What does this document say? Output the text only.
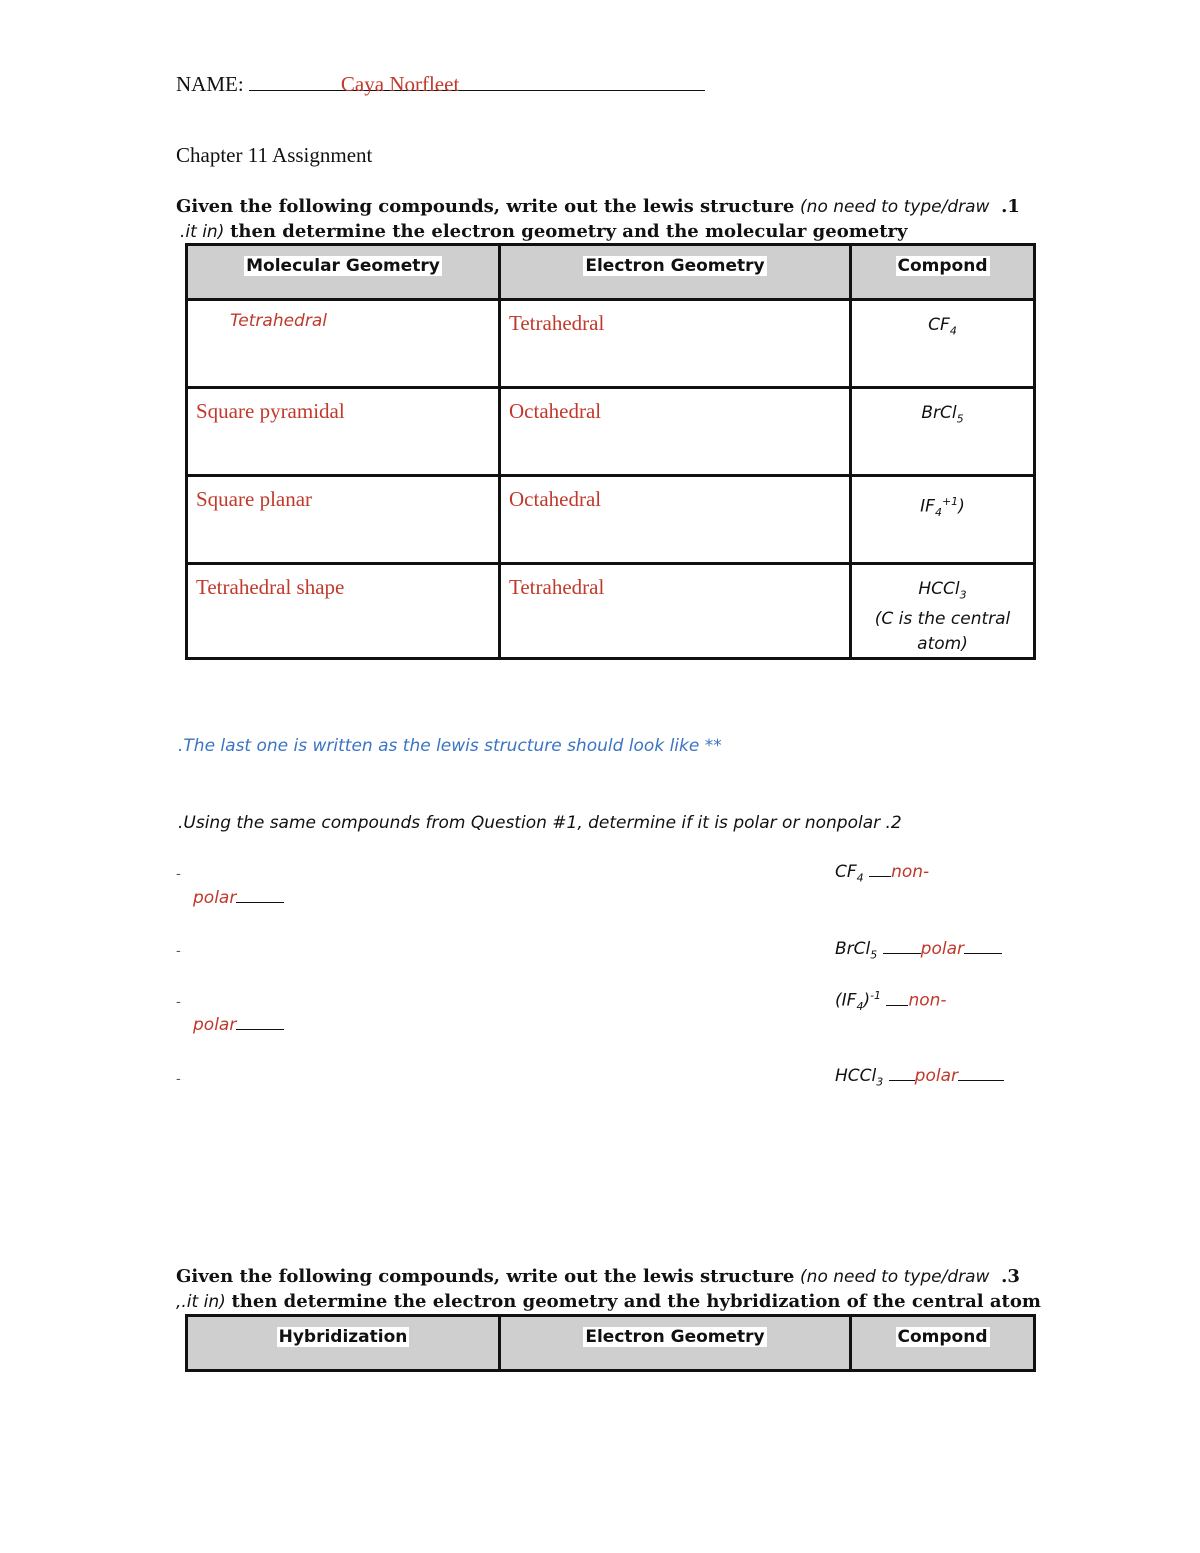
NAME:	Caya Norfleet
Chapter 11 Assignment
Given the following compounds, write out the lewis structure (no need to type/draw .1
.it in) then determine the electron geometry and the molecular geometry
Molecular Geometry	Electron Geometry	Compond
Tetrahedral	Tetrahedral	$CF_4$
Square pyramidal	Octahedral	BrCl$_5$
Square planar	Octahedral	$IF_4^{+1}$)
Tetrahedral shape	Tetrahedral	HCCl$_3$
(C is the central atom)
.The last one is written as the lewis structure should look like **
.Using the same compounds from Question #1, determine if it is polar or nonpolar .2
-	$CF_4$ non-
polar
-	BrCl$_5$	polar
-	$(IF_4)^{-1}$ non-
polar
-	HCCl$_3$ polar
Given the following compounds, write out the lewis structure (no need to type/draw .3
,.it in) then determine the electron geometry and the hybridization of the central atom
Hybridization	Electron Geometry	Compond
